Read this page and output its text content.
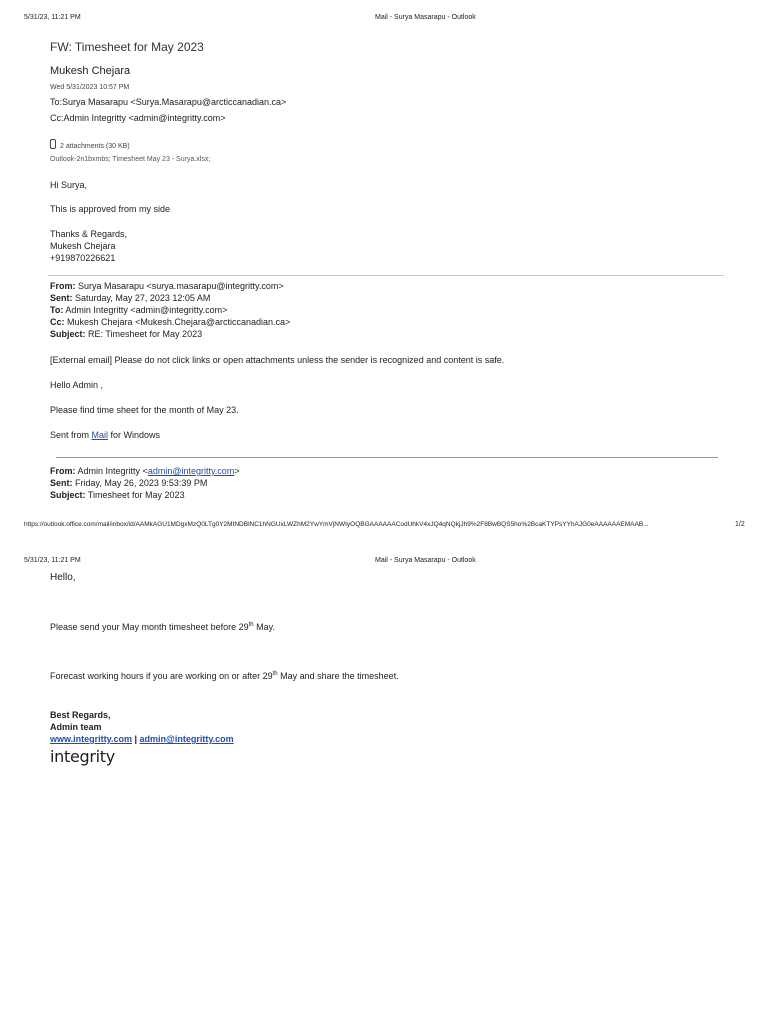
5/31/23, 11:21 PM	Mail - Surya Masarapu - Outlook
FW: Timesheet for May 2023
Mukesh Chejara
Wed 5/31/2023 10:57 PM
To:Surya Masarapu <Surya.Masarapu@arcticcanadian.ca>
Cc:Admin Integritty <admin@integritty.com>
2 attachments (30 KB)
Outlook-2n1bxmbs; Timesheet May 23 - Surya.xlsx;
Hi Surya,
This is approved from my side
Thanks & Regards,
Mukesh Chejara
+919870226621
From: Surya Masarapu <surya.masarapu@integritty.com>
Sent: Saturday, May 27, 2023 12:05 AM
To: Admin Integritty <admin@integritty.com>
Cc: Mukesh Chejara <Mukesh.Chejara@arcticcanadian.ca>
Subject: RE: Timesheet for May 2023
[External email] Please do not click links or open attachments unless the sender is recognized and content is safe.
Hello Admin ,
Please find time sheet for the month of May 23.
Sent from Mail for Windows
From: Admin Integritty <admin@integritty.com>
Sent: Friday, May 26, 2023 9:53:39 PM
Subject: Timesheet for May 2023
https://outlook.office.com/mail/inbox/id/AAMkAGU1MDgxMzQ0LTg0Y2MtNDBlNC1hNGUxLWZhM2YwYmVjNWIyOQBGAAAAAACodUhkV4xJQ4qNQkjJh9%2F8BwBQS5ho%2BcaKTYPsYYhAJG0eAAAAAAEMAAB...	1/2
5/31/23, 11:21 PM	Mail - Surya Masarapu - Outlook
Hello,
Please send your May month timesheet before 29th May.
Forecast working hours if you are working on or after 29th May and share the timesheet.
Best Regards,
Admin team
www.integritty.com | admin@integritty.com
integrity
